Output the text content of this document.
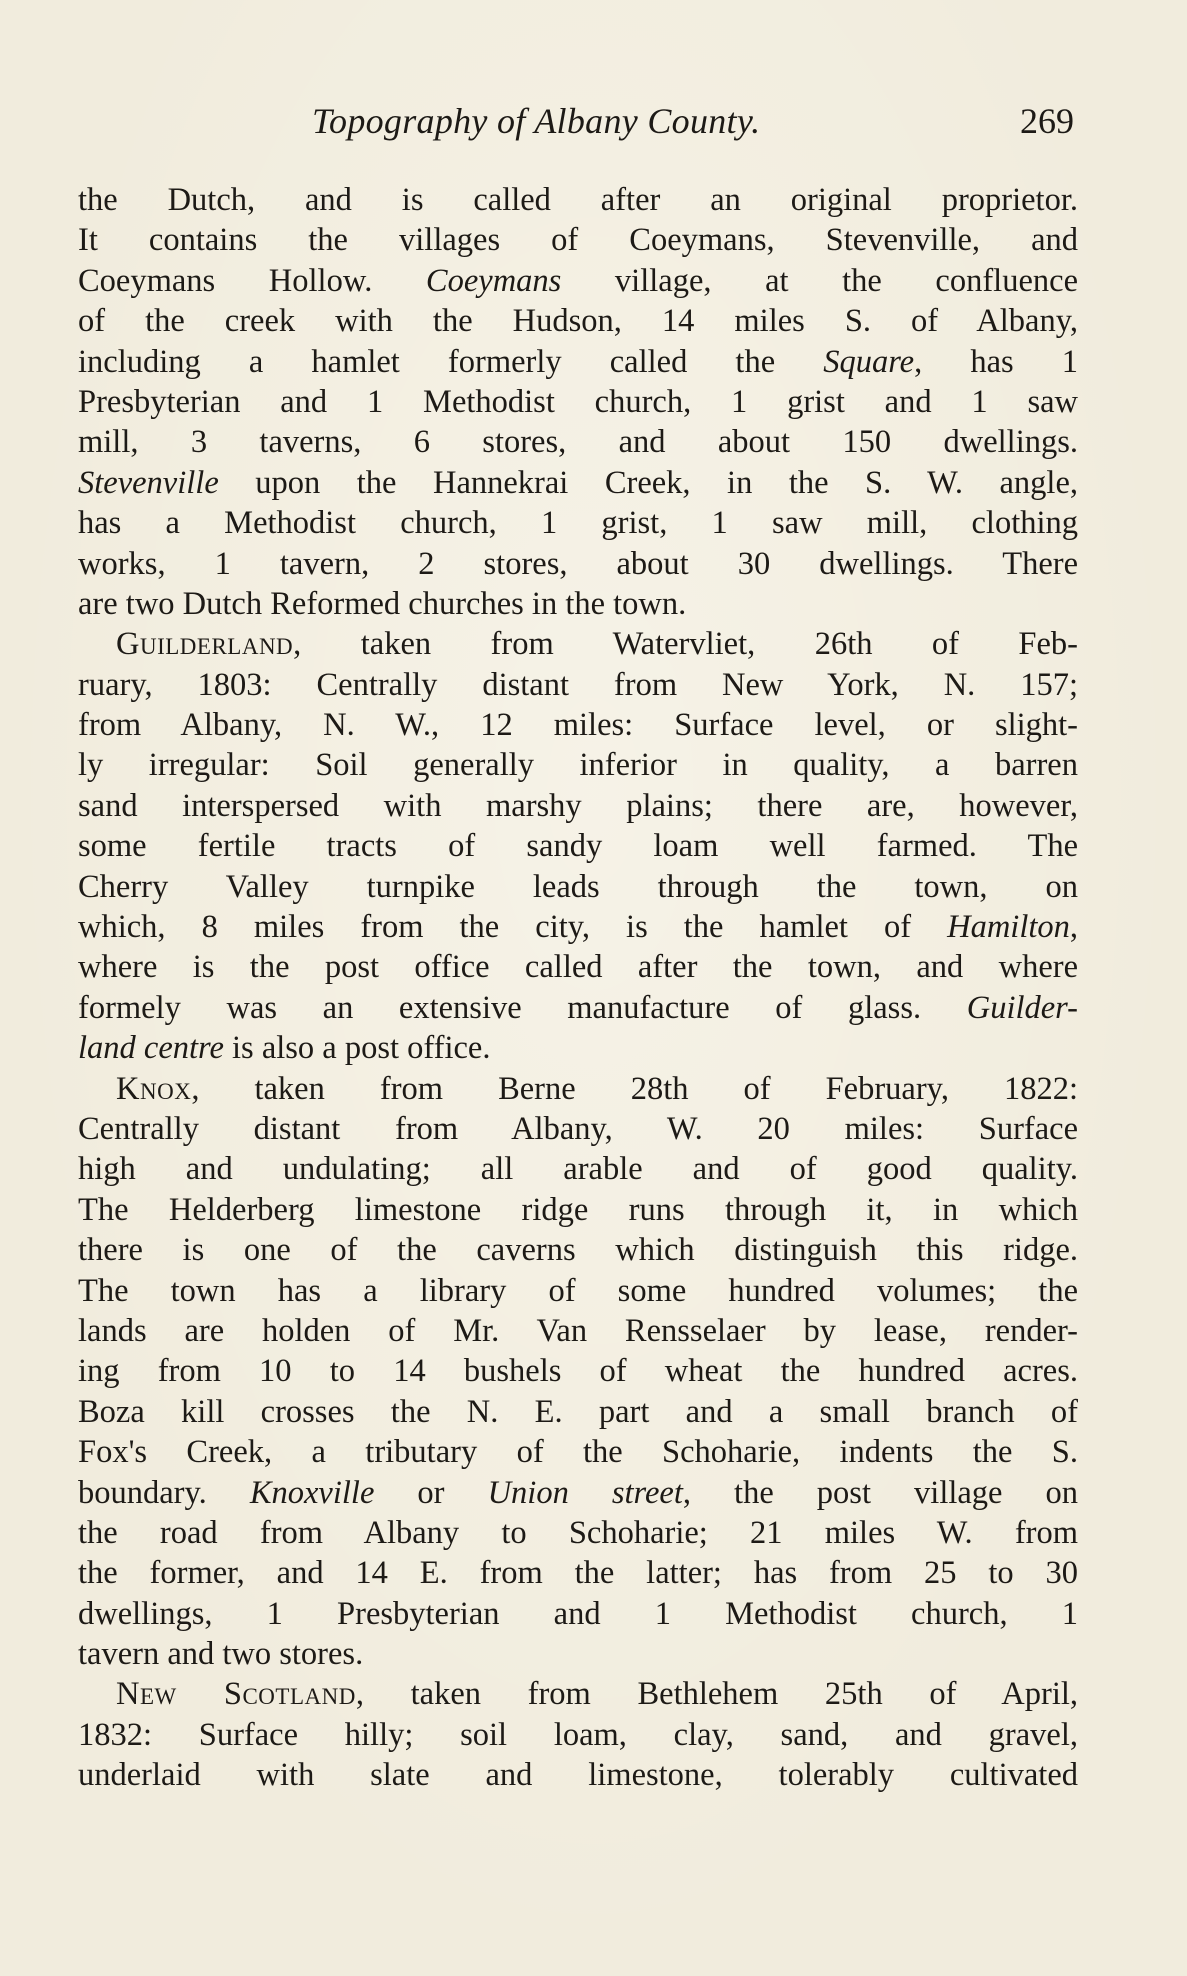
Topography of Albany County.	269
the Dutch, and is called after an original proprietor.
It contains the villages of Coeymans, Stevenville, and
Coeymans Hollow. Coeymans village, at the confluence
of the creek with the Hudson, 14 miles S. of Albany,
including a hamlet formerly called the Square, has 1
Presbyterian and 1 Methodist church, 1 grist and 1 saw
mill, 3 taverns, 6 stores, and about 150 dwellings.
Stevenville upon the Hannekrai Creek, in the S. W. angle,
has a Methodist church, 1 grist, 1 saw mill, clothing
works, 1 tavern, 2 stores, about 30 dwellings. There
are two Dutch Reformed churches in the town.
Guilderland, taken from Watervliet, 26th of Feb-
ruary, 1803: Centrally distant from New York, N. 157;
from Albany, N. W., 12 miles: Surface level, or slight-
ly irregular: Soil generally inferior in quality, a barren
sand interspersed with marshy plains; there are, however,
some fertile tracts of sandy loam well farmed. The
Cherry Valley turnpike leads through the town, on
which, 8 miles from the city, is the hamlet of Hamilton,
where is the post office called after the town, and where
formely was an extensive manufacture of glass. Guilder-
land centre is also a post office.
Knox, taken from Berne 28th of February, 1822:
Centrally distant from Albany, W. 20 miles: Surface
high and undulating; all arable and of good quality.
The Helderberg limestone ridge runs through it, in which
there is one of the caverns which distinguish this ridge.
The town has a library of some hundred volumes; the
lands are holden of Mr. Van Rensselaer by lease, render-
ing from 10 to 14 bushels of wheat the hundred acres.
Boza kill crosses the N. E. part and a small branch of
Fox's Creek, a tributary of the Schoharie, indents the S.
boundary. Knoxville or Union street, the post village on
the road from Albany to Schoharie; 21 miles W. from
the former, and 14 E. from the latter; has from 25 to 30
dwellings, 1 Presbyterian and 1 Methodist church, 1
tavern and two stores.
New Scotland, taken from Bethlehem 25th of April,
1832: Surface hilly; soil loam, clay, sand, and gravel,
underlaid with slate and limestone, tolerably cultivated
